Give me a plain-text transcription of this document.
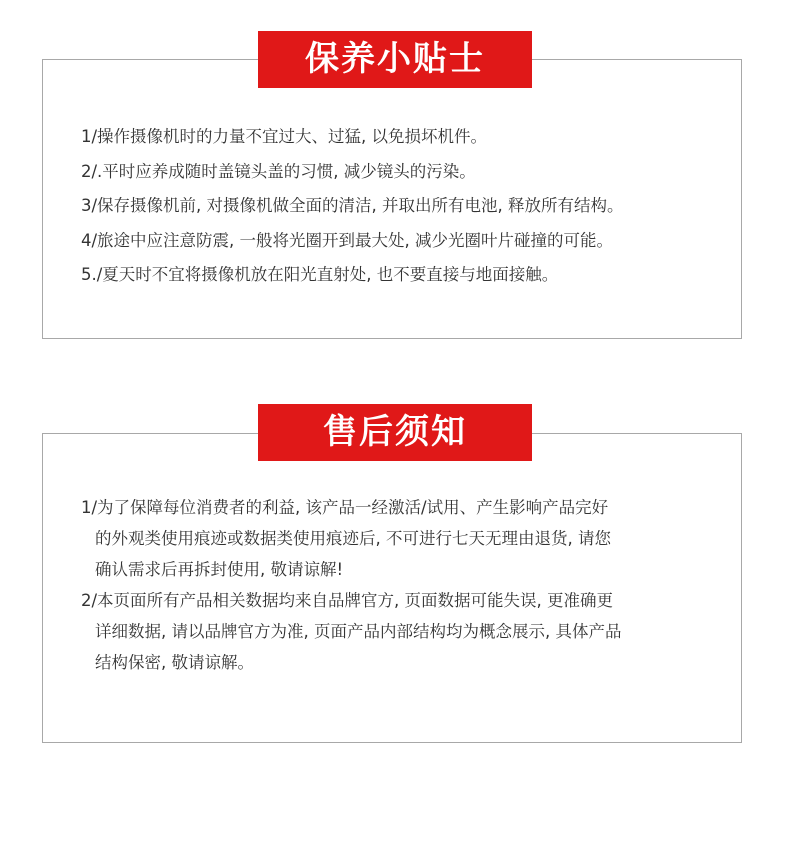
1/操作摄像机时的力量不宜过大、过猛, 以免损坏机件。
2/.平时应养成随时盖镜头盖的习惯, 减少镜头的污染。
3/保存摄像机前, 对摄像机做全面的清洁, 并取出所有电池, 释放所有结构。
4/旅途中应注意防震, 一般将光圈开到最大处, 减少光圈叶片碰撞的可能。
5./夏天时不宜将摄像机放在阳光直射处, 也不要直接与地面接触。
保养小贴士
1/为了保障每位消费者的利益, 该产品一经激活/试用、产生影响产品完好
的外观类使用痕迹或数据类使用痕迹后, 不可进行七天无理由退货, 请您
确认需求后再拆封使用, 敬请谅解!
2/本页面所有产品相关数据均来自品牌官方, 页面数据可能失误, 更准确更
详细数据, 请以品牌官方为准, 页面产品内部结构均为概念展示, 具体产品
结构保密, 敬请谅解。
售后须知
